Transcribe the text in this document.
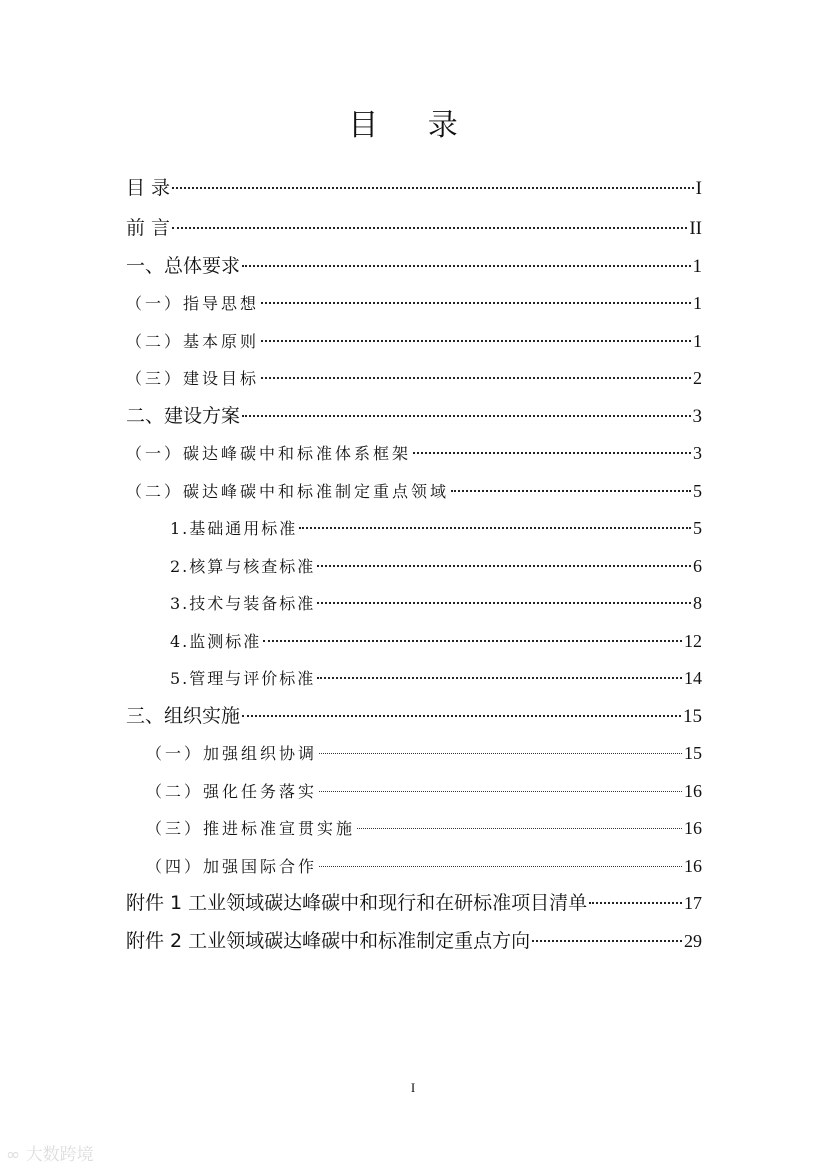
目 录
目 录	I
前 言	II
一、总体要求	1
（一）指导思想	1
（二）基本原则	1
（三）建设目标	2
二、建设方案	3
（一）碳达峰碳中和标准体系框架	3
（二）碳达峰碳中和标准制定重点领域	5
1.基础通用标准	5
2.核算与核查标准	6
3.技术与装备标准	8
4.监测标准	12
5.管理与评价标准	14
三、组织实施	15
（一）加强组织协调	15
（二）强化任务落实	16
（三）推进标准宣贯实施	16
（四）加强国际合作	16
附件 1 工业领域碳达峰碳中和现行和在研标准项目清单	17
附件 2 工业领域碳达峰碳中和标准制定重点方向	29
I
∞ 大数跨境
